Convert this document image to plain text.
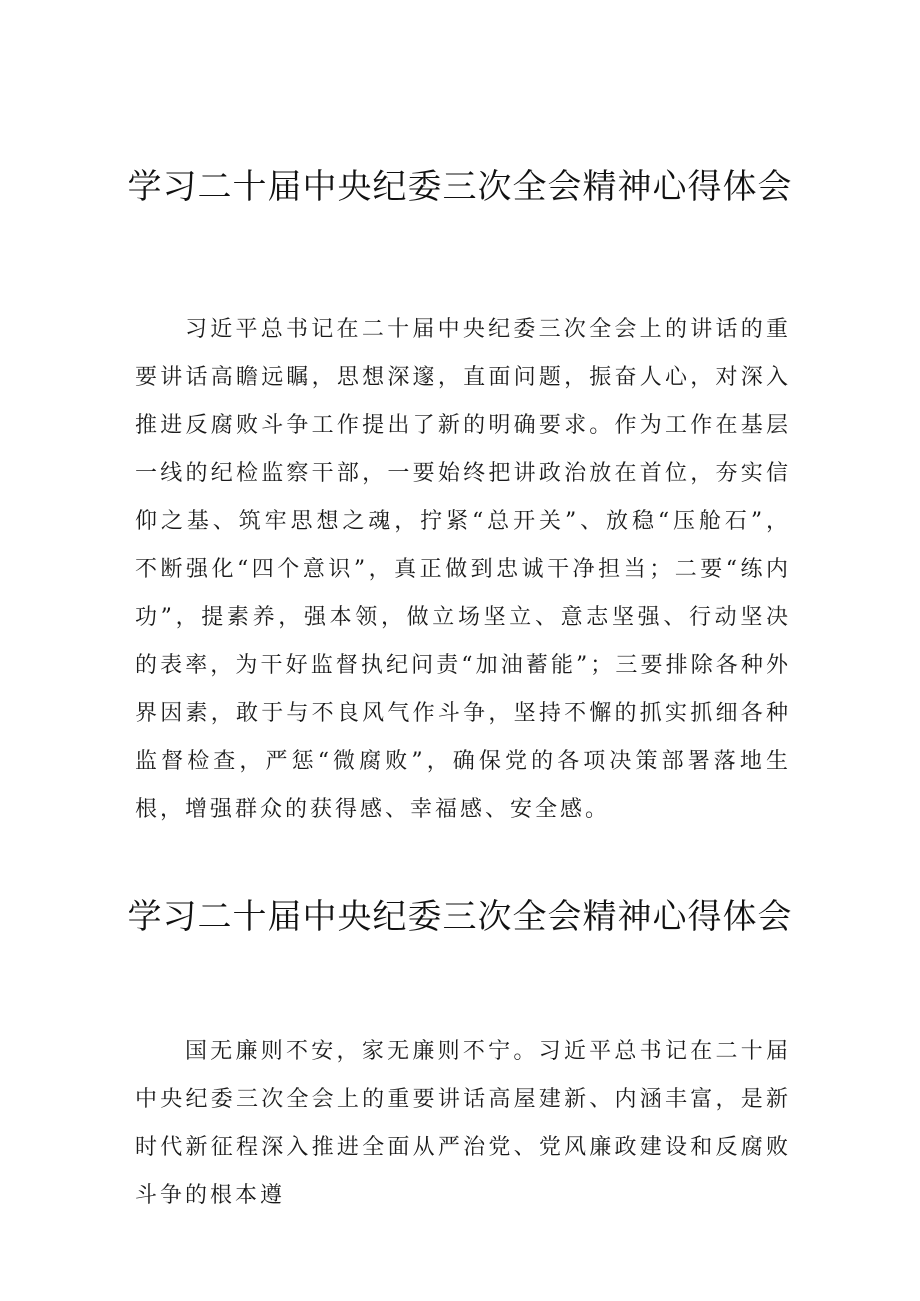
学习二十届中央纪委三次全会精神心得体会

习近平总书记在二十届中央纪委三次全会上的讲话的重要讲话高瞻远瞩，思想深邃，直面问题，振奋人心，对深入推进反腐败斗争工作提出了新的明确要求。作为工作在基层一线的纪检监察干部，一要始终把讲政治放在首位，夯实信仰之基、筑牢思想之魂，拧紧“总开关”、放稳“压舱石”，不断强化“四个意识”，真正做到忠诚干净担当；二要“练内功”，提素养，强本领，做立场坚立、意志坚强、行动坚决的表率，为干好监督执纪问责“加油蓄能”；三要排除各种外界因素，敢于与不良风气作斗争，坚持不懈的抓实抓细各种监督检查，严惩“微腐败”，确保党的各项决策部署落地生根，增强群众的获得感、幸福感、安全感。

学习二十届中央纪委三次全会精神心得体会

国无廉则不安，家无廉则不宁。习近平总书记在二十届中央纪委三次全会上的重要讲话高屋建新、内涵丰富，是新时代新征程深入推进全面从严治党、党风廉政建设和反腐败斗争的根本遵
